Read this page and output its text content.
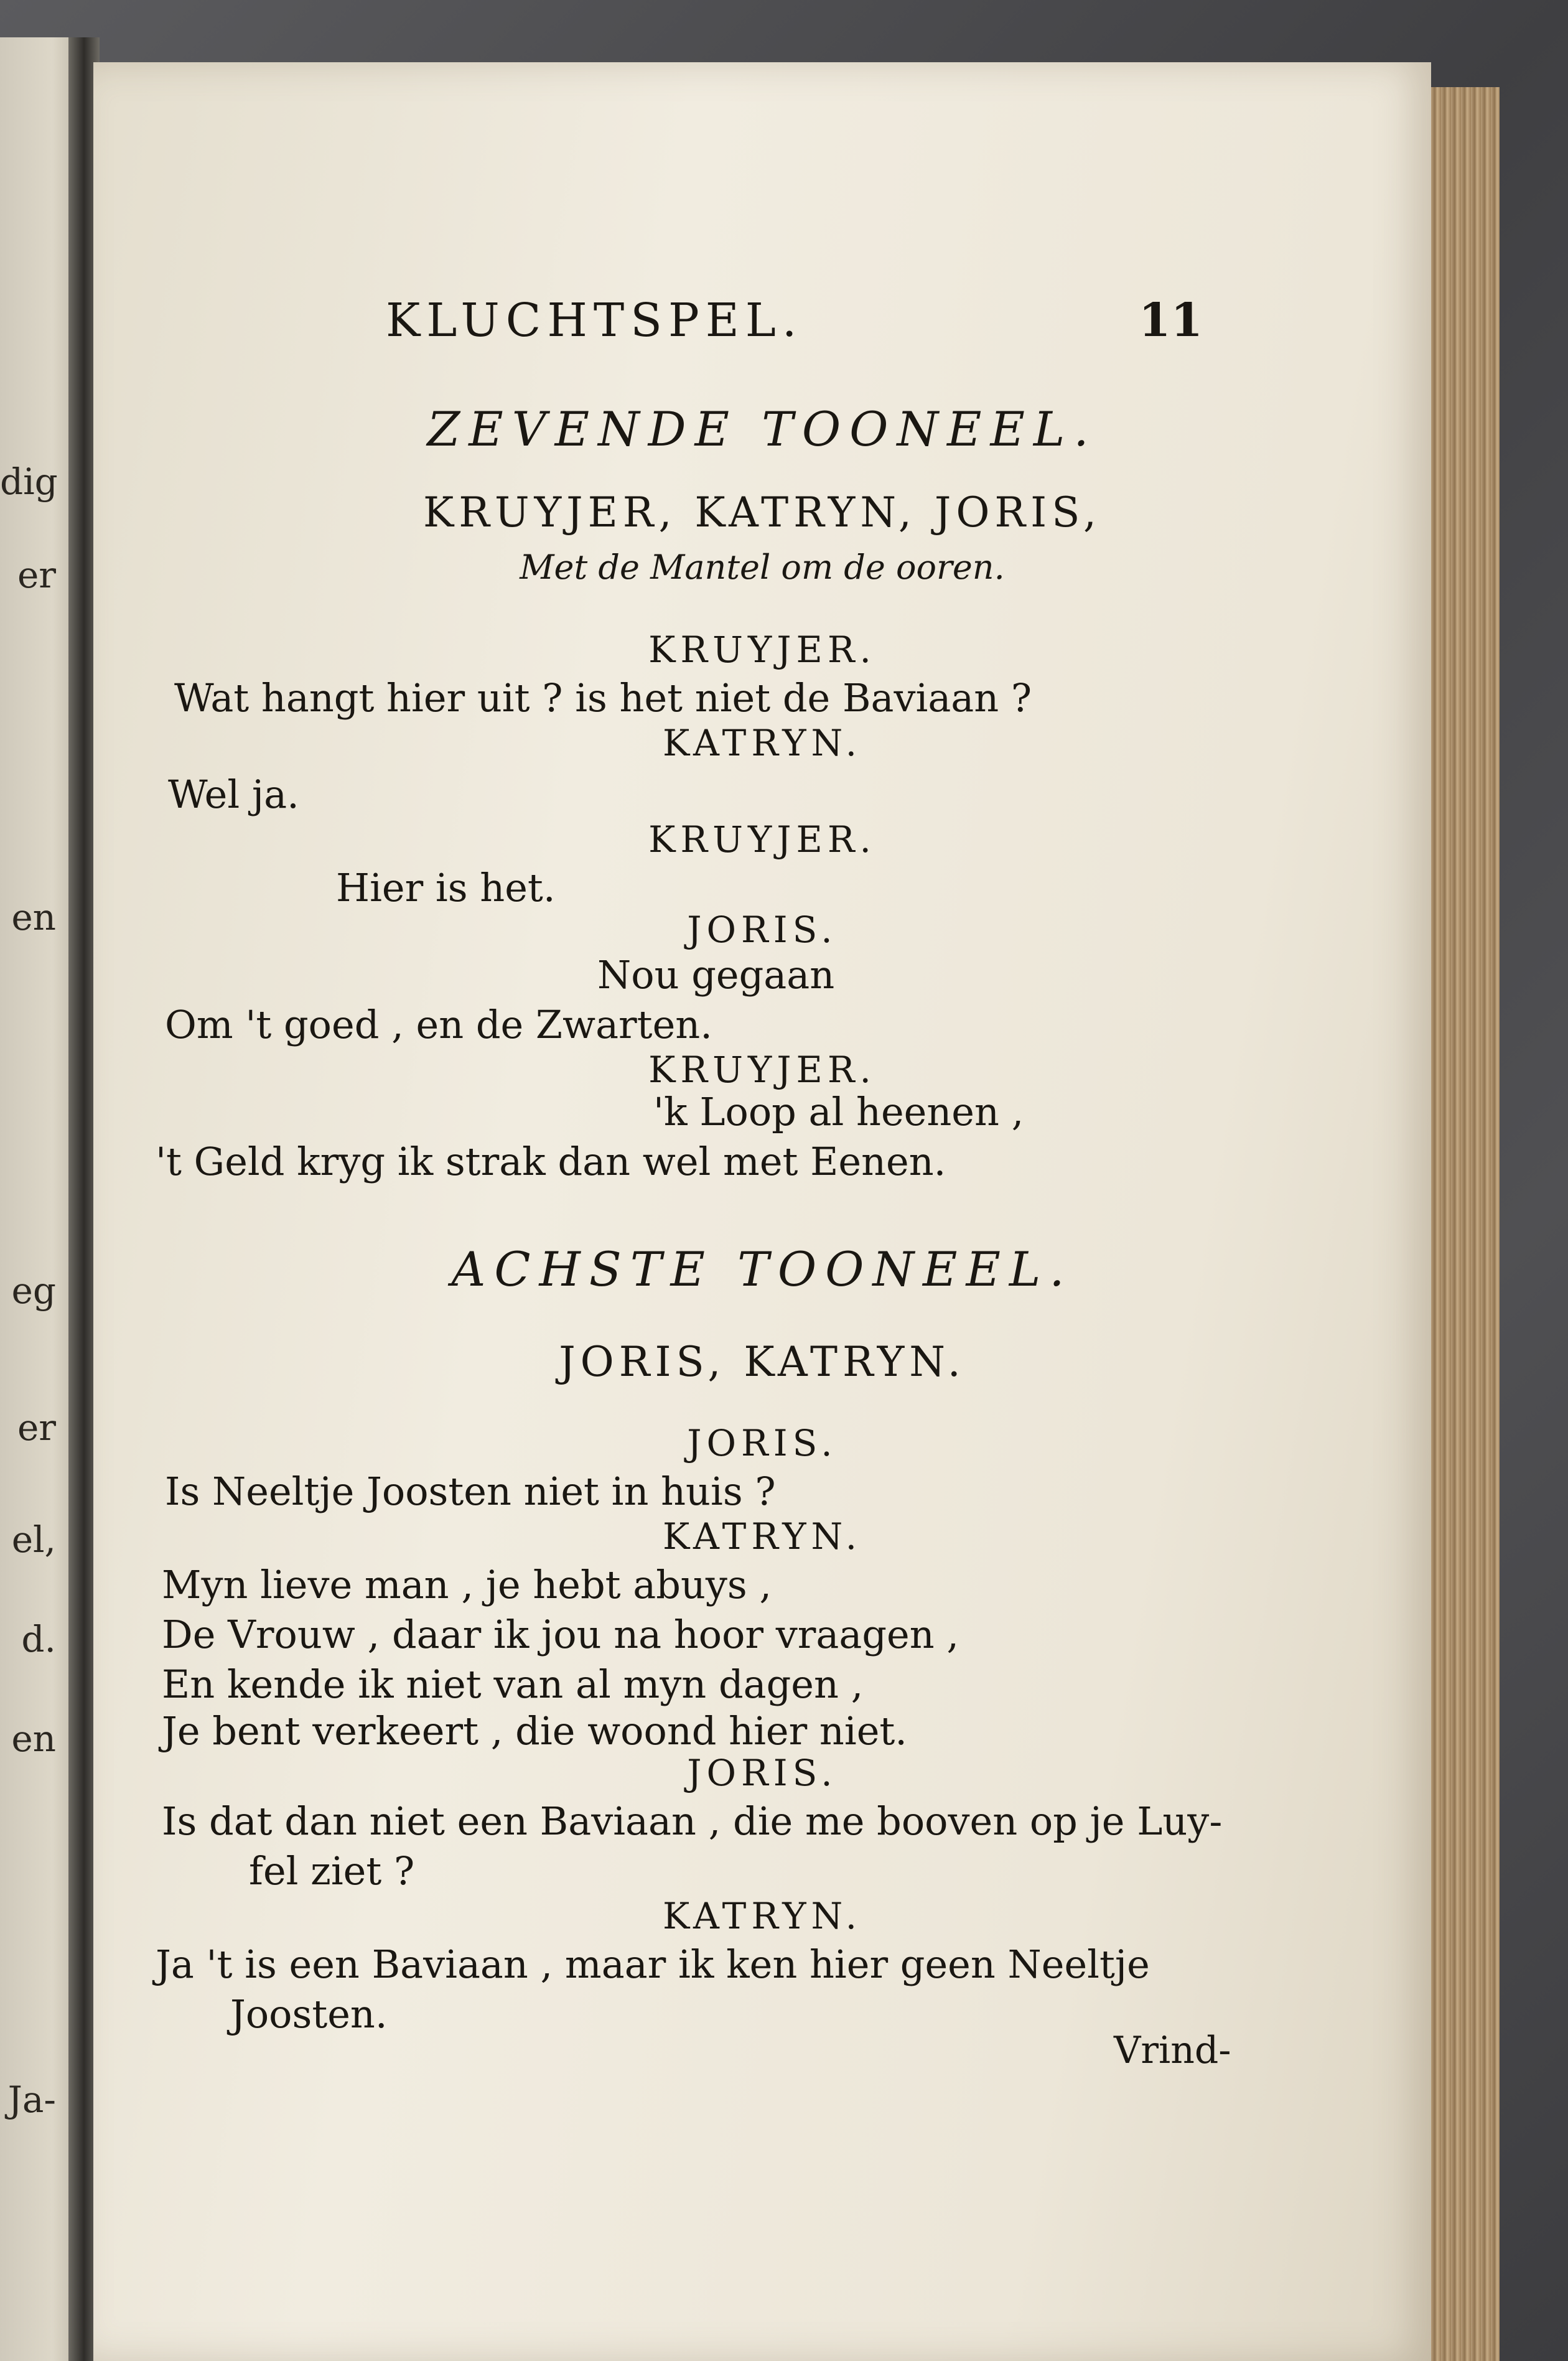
dig
er
en
eg
er
el,
d.
en
Ja-
KLUCHTSPEL.	11
ZEVENDE TOONEEL.
KRUYJER, KATRYN, JORIS,
Met de Mantel om de ooren.
KRUYJER.
Wat hangt hier uit ? is het niet de Baviaan ?
KATRYN.
Wel ja.
KRUYJER.
Hier is het.
JORIS.
Nou gegaan
Om 't goed , en de Zwarten.
KRUYJER.
'k Loop al heenen ,
't Geld kryg ik strak dan wel met Eenen.
ACHSTE TOONEEL.
JORIS, KATRYN.
JORIS.
Is Neeltje Joosten niet in huis ?
KATRYN.
Myn lieve man , je hebt abuys ,
De Vrouw , daar ik jou na hoor vraagen ,
En kende ik niet van al myn dagen ,
Je bent verkeert , die woond hier niet.
JORIS.
Is dat dan niet een Baviaan , die me booven op je Luy-
fel ziet ?
KATRYN.
Ja 't is een Baviaan , maar ik ken hier geen Neeltje
Joosten.
Vrind-
